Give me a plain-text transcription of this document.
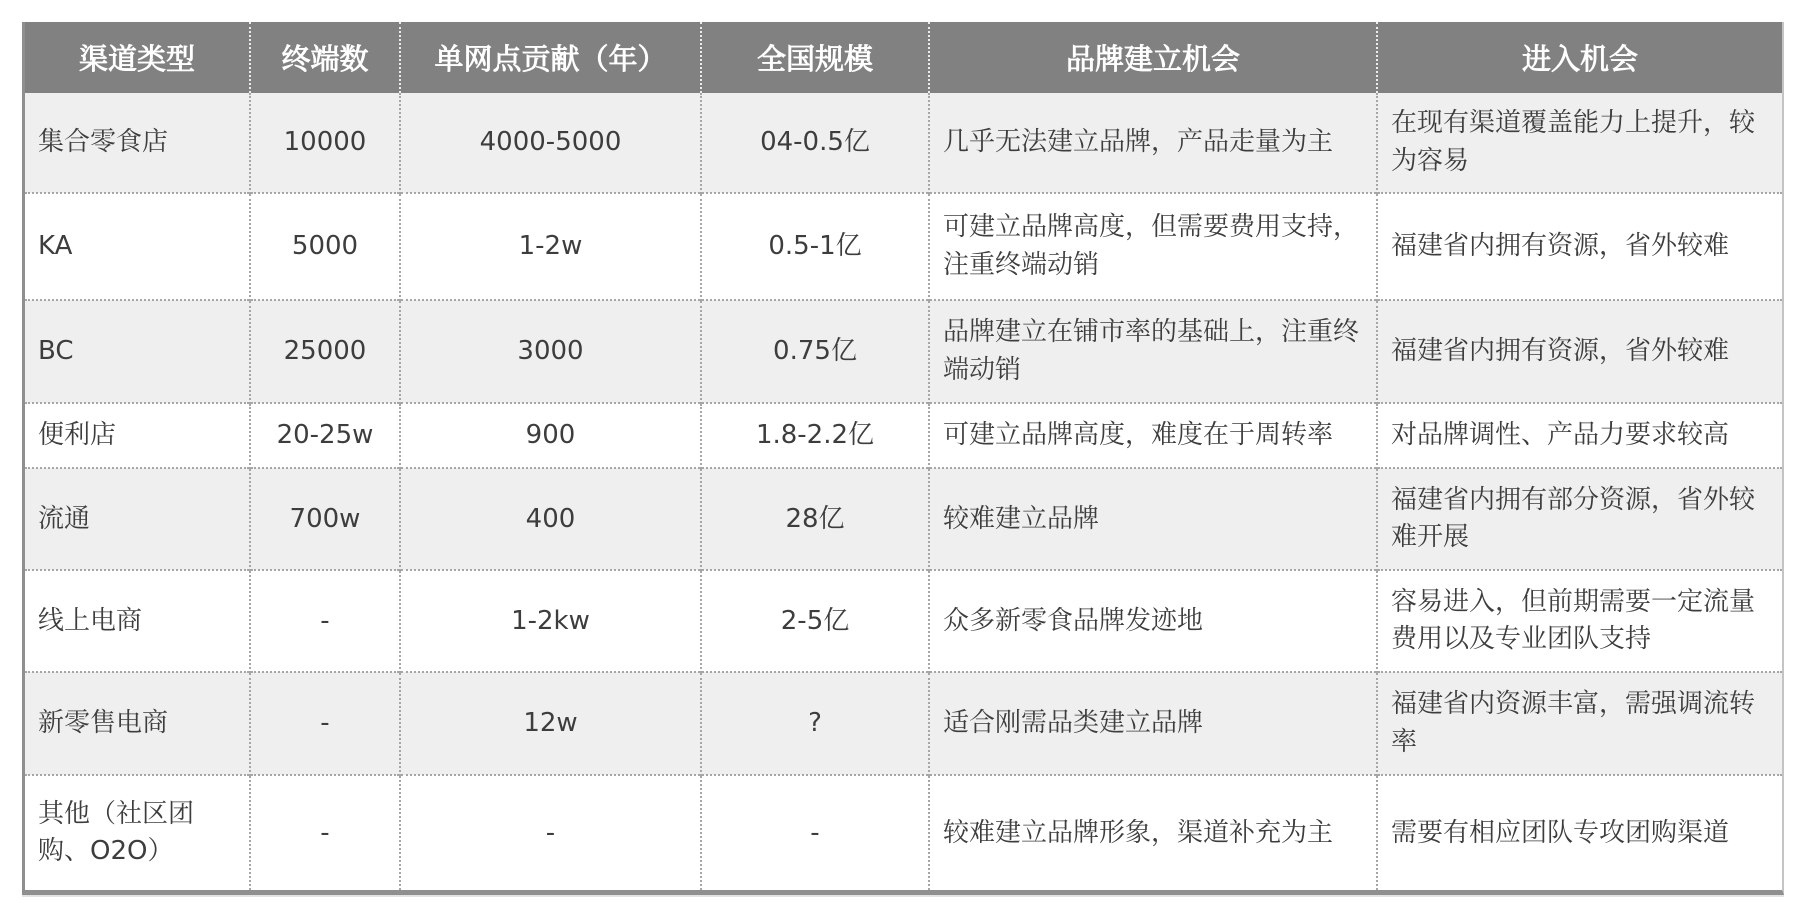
渠道类型	终端数	单网点贡献（年）	全国规模	品牌建立机会	进入机会
集合零食店	10000	4000-5000	04-0.5亿	几乎无法建立品牌，产品走量为主	在现有渠道覆盖能力上提升，较为容易
KA	5000	1-2w	0.5-1亿	可建立品牌高度，但需要费用支持，注重终端动销	福建省内拥有资源，省外较难
BC	25000	3000	0.75亿	品牌建立在铺市率的基础上，注重终端动销	福建省内拥有资源，省外较难
便利店	20-25w	900	1.8-2.2亿	可建立品牌高度，难度在于周转率	对品牌调性、产品力要求较高
流通	700w	400	28亿	较难建立品牌	福建省内拥有部分资源，省外较难开展
线上电商	-	1-2kw	2-5亿	众多新零食品牌发迹地	容易进入，但前期需要一定流量费用以及专业团队支持
新零售电商	-	12w	?	适合刚需品类建立品牌	福建省内资源丰富，需强调流转率
其他（社区团购、O2O）	-	-	-	较难建立品牌形象，渠道补充为主	需要有相应团队专攻团购渠道
